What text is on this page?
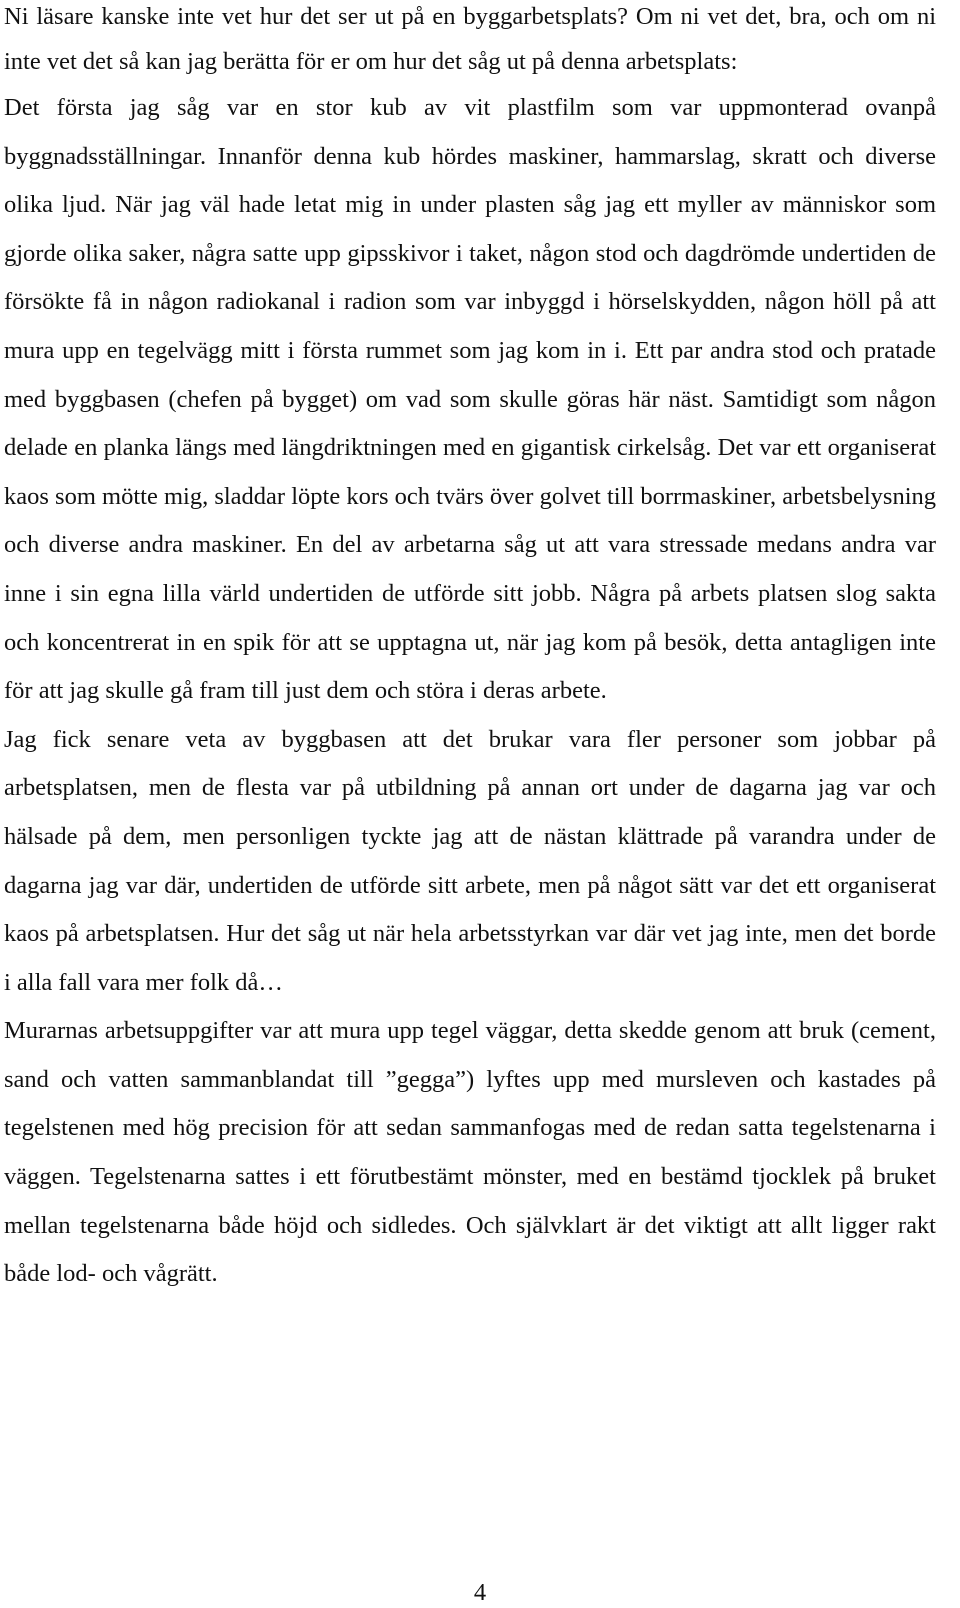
Ni läsare kanske inte vet hur det ser ut på en byggarbetsplats? Om ni vet det, bra, och om ni inte vet det så kan jag berätta för er om hur det såg ut på denna arbetsplats:

Det första jag såg var en stor kub av vit plastfilm som var uppmonterad ovanpå byggnadsställningar. Innanför denna kub hördes maskiner, hammarslag, skratt och diverse olika ljud. När jag väl hade letat mig in under plasten såg jag ett myller av människor som gjorde olika saker, några satte upp gipsskivor i taket, någon stod och dagdrömde undertiden de försökte få in någon radiokanal i radion som var inbyggd i hörselskydden, någon höll på att mura upp en tegelvägg mitt i första rummet som jag kom in i. Ett par andra stod och pratade med byggbasen (chefen på bygget) om vad som skulle göras här näst. Samtidigt som någon delade en planka längs med längdriktningen med en gigantisk cirkelsåg. Det var ett organiserat kaos som mötte mig, sladdar löpte kors och tvärs över golvet till borrmaskiner, arbetsbelysning och diverse andra maskiner. En del av arbetarna såg ut att vara stressade medans andra var inne i sin egna lilla värld undertiden de utförde sitt jobb. Några på arbets platsen slog sakta och koncentrerat in en spik för att se upptagna ut, när jag kom på besök, detta antagligen inte för att jag skulle gå fram till just dem och störa i deras arbete.

Jag fick senare veta av byggbasen att det brukar vara fler personer som jobbar på arbetsplatsen, men de flesta var på utbildning på annan ort under de dagarna jag var och hälsade på dem, men personligen tyckte jag att de nästan klättrade på varandra under de dagarna jag var där, undertiden de utförde sitt arbete, men på något sätt var det ett organiserat kaos på arbetsplatsen. Hur det såg ut när hela arbetsstyrkan var där vet jag inte, men det borde i alla fall vara mer folk då…

Murarnas arbetsuppgifter var att mura upp tegel väggar, detta skedde genom att bruk (cement, sand och vatten sammanblandat till ”gegga”) lyftes upp med mursleven och kastades på tegelstenen med hög precision för att sedan sammanfogas med de redan satta tegelstenarna i väggen. Tegelstenarna sattes i ett förutbestämt mönster, med en bestämd tjocklek på bruket mellan tegelstenarna både höjd och sidledes. Och självklart är det viktigt att allt ligger rakt både lod- och vågrätt.

4
